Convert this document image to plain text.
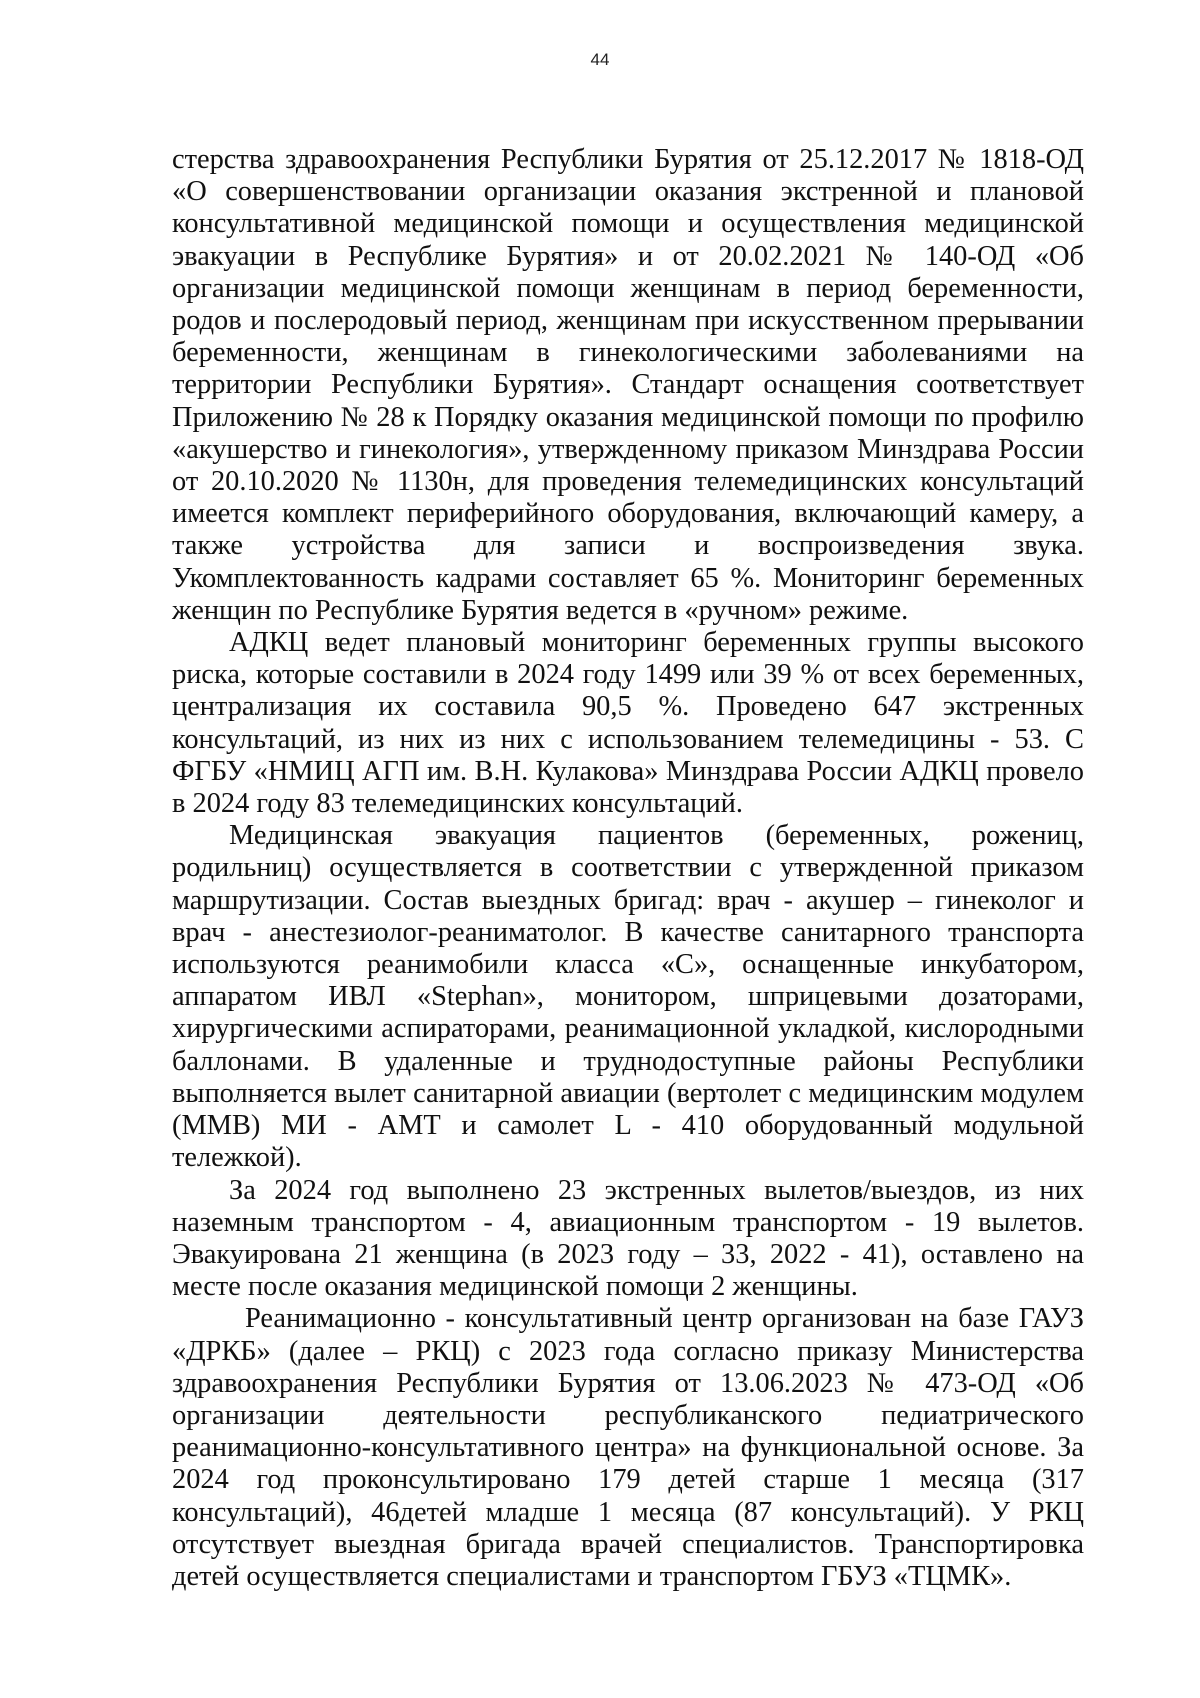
44

стерства здравоохранения Республики Бурятия от 25.12.2017 № 1818-ОД «О совершенствовании организации оказания экстренной и плановой консультативной медицинской помощи и осуществления медицинской эвакуации в Республике Бурятия» и от 20.02.2021 № 140-ОД «Об организации медицинской помощи женщинам в период беременности, родов и послеродовый период, женщинам при искусственном прерывании беременности, женщинам в гинекологическими заболеваниями на территории Республики Бурятия». Стандарт оснащения соответствует Приложению № 28 к Порядку оказания медицинской помощи по профилю «акушерство и гинекология», утвержденному приказом Минздрава России от 20.10.2020 № 1130н, для проведения телемедицинских консультаций имеется комплект периферийного оборудования, включающий камеру, а также устройства для записи и воспроизведения звука. Укомплектованность кадрами составляет 65 %. Мониторинг беременных женщин по Республике Бурятия ведется в «ручном» режиме.

АДКЦ ведет плановый мониторинг беременных группы высокого риска, которые составили в 2024 году 1499 или 39 % от всех беременных, централизация их составила 90,5 %. Проведено 647 экстренных консультаций, из них из них с использованием телемедицины - 53. С ФГБУ «НМИЦ АГП им. В.Н. Кулакова» Минздрава России АДКЦ провело в 2024 году 83 телемедицинских консультаций.

Медицинская эвакуация пациентов (беременных, рожениц, родильниц) осуществляется в соответствии с утвержденной приказом маршрутизации. Состав выездных бригад: врач - акушер – гинеколог и врач - анестезиолог-реаниматолог. В качестве санитарного транспорта используются реанимобили класса «С», оснащенные инкубатором, аппаратом ИВЛ «Stephan», монитором, шприцевыми дозаторами, хирургическими аспираторами, реанимационной укладкой, кислородными баллонами. В удаленные и труднодоступные районы Республики выполняется вылет санитарной авиации (вертолет с медицинским модулем (ММВ) МИ - АМТ и самолет L - 410 оборудованный модульной тележкой).

За 2024 год выполнено 23 экстренных вылетов/выездов, из них наземным транспортом - 4, авиационным транспортом - 19 вылетов. Эвакуирована 21 женщина (в 2023 году – 33, 2022 - 41), оставлено на месте после оказания медицинской помощи 2 женщины.

Реанимационно - консультативный центр организован на базе ГАУЗ «ДРКБ» (далее – РКЦ) с 2023 года согласно приказу Министерства здравоохранения Республики Бурятия от 13.06.2023 № 473-ОД «Об организации деятельности республиканского педиатрического реанимационно-консультативного центра» на функциональной основе. За 2024 год проконсультировано 179 детей старше 1 месяца (317 консультаций), 46детей младше 1 месяца (87 консультаций). У РКЦ отсутствует выездная бригада врачей специалистов. Транспортировка детей осуществляется специалистами и транспортом ГБУЗ «ТЦМК».
